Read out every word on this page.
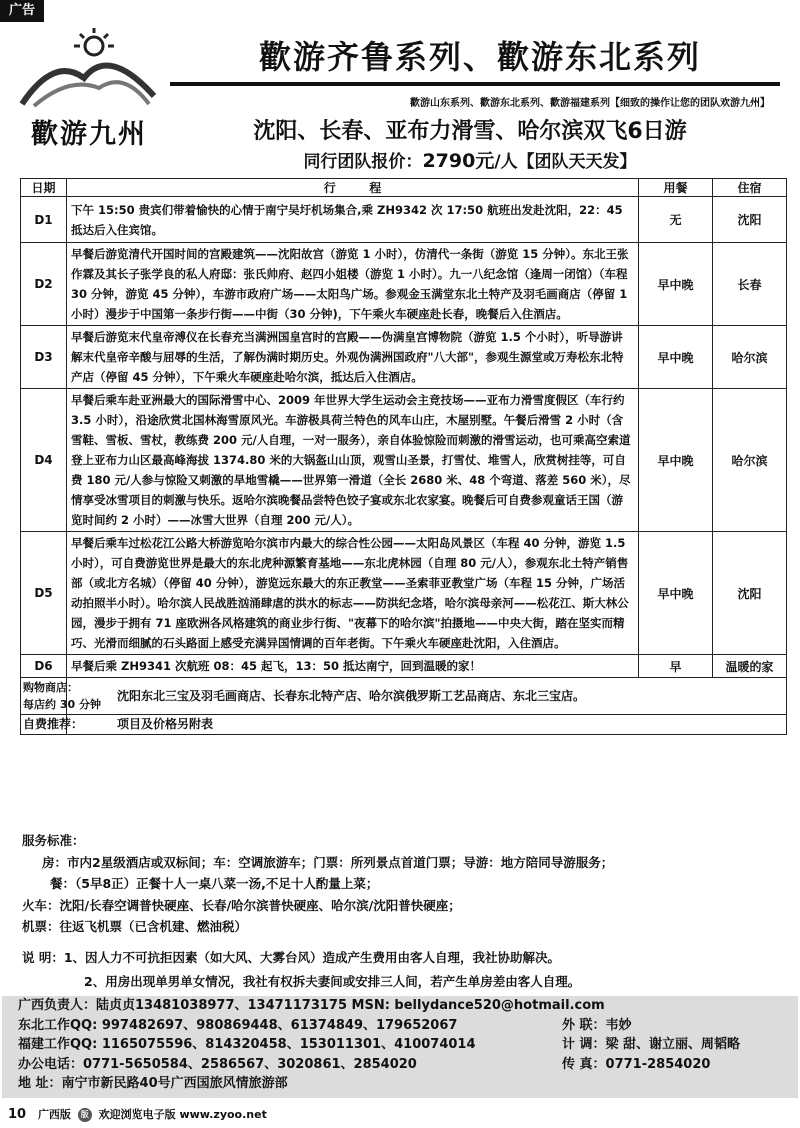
广告
歡游九州
歡游齐鲁系列、歡游东北系列
歡游山东系列、歡游东北系列、歡游福建系列【细致的操作让您的团队欢游九州】
沈阳、长春、亚布力滑雪、哈尔滨双飞6日游
同行团队报价：2790元/人【团队天天发】
日期	行        程	用餐	住宿
D1	下午 15:50 贵宾们带着愉快的心情于南宁吴圩机场集合,乘 ZH9342 次 17:50 航班出发赴沈阳，22：45 抵达后入住宾馆。	无	沈阳
D2	早餐后游览清代开国时间的宫殿建筑——沈阳故宫（游览 1 小时），仿清代一条街（游览 15 分钟）。东北王张作霖及其长子张学良的私人府邸：张氏帅府、赵四小姐楼（游览 1 小时）。九一八纪念馆（逢周一闭馆）（车程 30 分钟，游览 45 分钟），车游市政府广场——太阳鸟广场。参观金玉满堂东北土特产及羽毛画商店（停留 1 小时）漫步于中国第一条步行街——中街（30 分钟)，下午乘火车硬座赴长春，晚餐后入住酒店。	早中晚	长春
D3	早餐后游览末代皇帝溥仪在长春充当满洲国皇宫时的宫殿——伪满皇宫博物院（游览 1.5 个小时），听导游讲解末代皇帝辛酸与屈辱的生活，了解伪满时期历史。外观伪满洲国政府"八大部"，参观生源堂或万寿松东北特产店（停留 45 分钟），下午乘火车硬座赴哈尔滨，抵达后入住酒店。	早中晚	哈尔滨
D4	早餐后乘车赴亚洲最大的国际滑雪中心、2009 年世界大学生运动会主竞技场——亚布力滑雪度假区（车行约 3.5 小时），沿途欣赏北国林海雪原风光。车游极具荷兰特色的风车山庄，木屋别墅。午餐后滑雪 2 小时（含雪鞋、雪板、雪杖，教练费 200 元/人自理，一对一服务），亲自体验惊险而刺激的滑雪运动，也可乘高空索道登上亚布力山区最高峰海拔 1374.80 米的大锅盔山山顶，观雪山圣景，打雪仗、堆雪人，欣赏树挂等，可自费 180 元/人参与惊险又刺激的旱地雪橇——世界第一滑道（全长 2680 米、48 个弯道、落差 560 米），尽情享受冰雪项目的刺激与快乐。返哈尔滨晚餐品尝特色饺子宴或东北农家宴。晚餐后可自费参观童话王国（游览时间约 2 小时）——冰雪大世界（自理 200 元/人）。	早中晚	哈尔滨
D5	早餐后乘车过松花江公路大桥游览哈尔滨市内最大的综合性公园——太阳岛风景区（车程 40 分钟，游览 1.5 小时），可自费游览世界是最大的东北虎种源繁育基地——东北虎林园（自理 80 元/人），参观东北土特产销售部（或北方名城）（停留 40 分钟），游览远东最大的东正教堂——圣索菲亚教堂广场（车程 15 分钟，广场活动拍照半小时）。哈尔滨人民战胜汹涌肆虐的洪水的标志——防洪纪念塔，哈尔滨母亲河——松花江、斯大林公园，漫步于拥有 71 座欧洲各风格建筑的商业步行街、"夜幕下的哈尔滨"拍摄地——中央大街，踏在坚实而精巧、光滑而细腻的石头路面上感受充满异国情调的百年老街。下午乘火车硬座赴沈阳，入住酒店。	早中晚	沈阳
D6	早餐后乘 ZH9341 次航班 08：45 起飞，13：50 抵达南宁，回到温暖的家！	早	温暖的家
购物商店：
每店约 30 分钟	沈阳东北三宝及羽毛画商店、长春东北特产店、哈尔滨俄罗斯工艺品商店、东北三宝店。		
自费推荐：	项目及价格另附表		
服务标准：
房：市内2星级酒店或双标间；车：空调旅游车；门票：所列景点首道门票；导游：地方陪同导游服务；
餐：（5早8正）正餐十人一桌八菜一汤,不足十人酌量上菜；
火车：沈阳/长春空调普快硬座、长春/哈尔滨普快硬座、哈尔滨/沈阳普快硬座；
机票：往返飞机票（已含机建、燃油税）
说 明：1、因人力不可抗拒因素（如大风、大雾台风）造成产生费用由客人自理，我社协助解决。
2、用房出现单男单女情况，我社有权拆夫妻间或安排三人间，若产生单房差由客人自理。
广西负责人：陆贞贞13481038977、13471173175 MSN: bellydance520@hotmail.com
东北工作QQ: 997482697、980869448、61374849、179652067	外 联：韦妙
福建工作QQ: 1165075596、814320458、153011301、410074014	计 调：梁 甜、谢立丽、周韬略
办公电话：0771-5650584、2586567、3020861、2854020	传 真：0771-2854020
地 址：南宁市新民路40号广西国旅风情旅游部
10 广西版 版 欢迎浏览电子版 www.zyoo.net
